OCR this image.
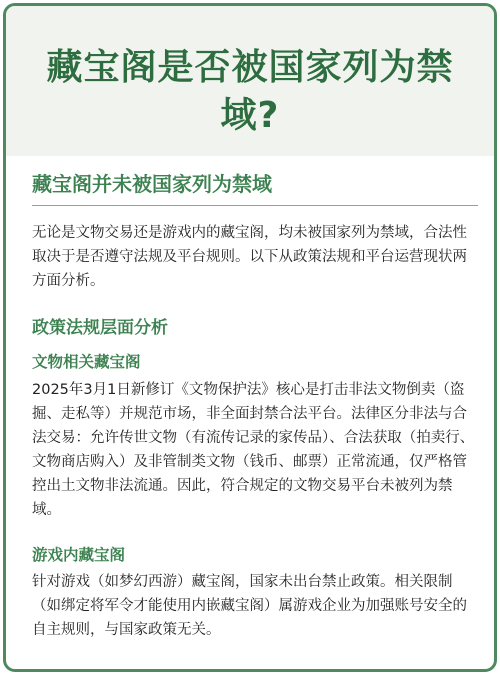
藏宝阁是否被国家列为禁域?
藏宝阁并未被国家列为禁域

无论是文物交易还是游戏内的藏宝阁，均未被国家列为禁域，合法性取决于是否遵守法规及平台规则。以下从政策法规和平台运营现状两方面分析。

政策法规层面分析
文物相关藏宝阁

2025年3月1日新修订《文物保护法》核心是打击非法文物倒卖（盗掘、走私等）并规范市场，非全面封禁合法平台。法律区分非法与合法交易：允许传世文物（有流传记录的家传品）、合法获取（拍卖行、文物商店购入）及非管制类文物（钱币、邮票）正常流通，仅严格管控出土文物非法流通。因此，符合规定的文物交易平台未被列为禁域。

游戏内藏宝阁

针对游戏（如梦幻西游）藏宝阁，国家未出台禁止政策。相关限制（如绑定将军令才能使用内嵌藏宝阁）属游戏企业为加强账号安全的自主规则，与国家政策无关。
